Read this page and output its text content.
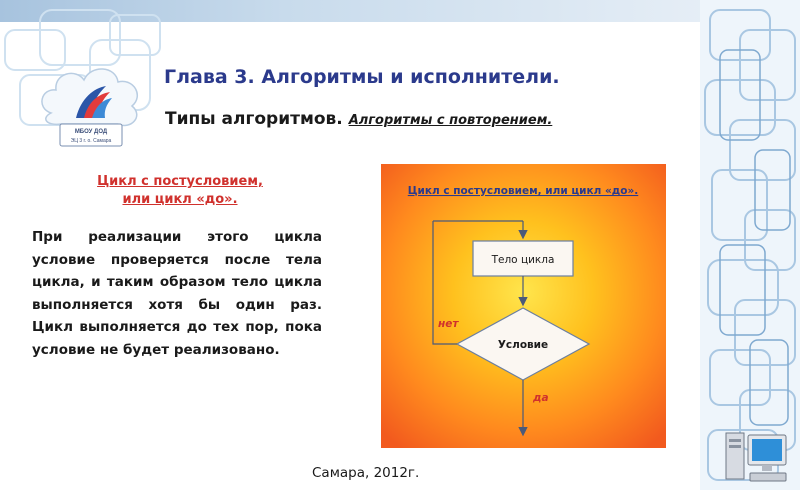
МБОУ ДОД
ЭЦ 3 г. о. Самара
Глава 3. Алгоритмы и исполнители.
Типы алгоритмов. Алгоритмы с повторением.
Цикл с постусловием,
или цикл «до».

При реализации этого цикла условие проверяется после тела цикла, и таким образом тело цикла выполняется хотя бы один раз. Цикл выполняется до тех пор, пока условие не будет реализовано.

Цикл с постусловием, или цикл «до».
Тело цикла
Условие
нет
да
Самара, 2012г.
